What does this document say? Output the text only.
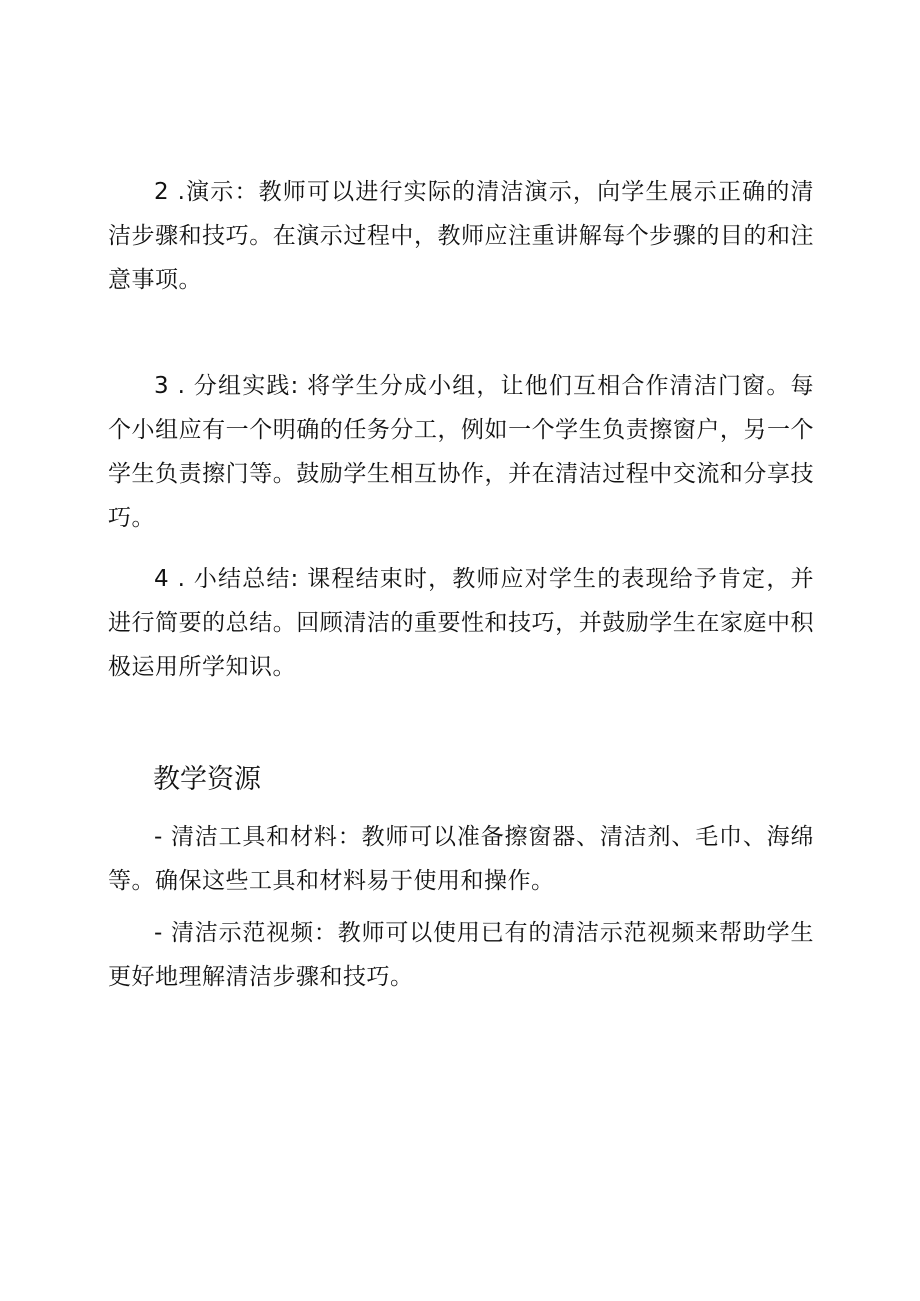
2 .演示：教师可以进行实际的清洁演示，向学生展示正确的清洁步骤和技巧。在演示过程中，教师应注重讲解每个步骤的目的和注意事项。

3 . 分组实践: 将学生分成小组，让他们互相合作清洁门窗。每个小组应有一个明确的任务分工，例如一个学生负责擦窗户，另一个学生负责擦门等。鼓励学生相互协作，并在清洁过程中交流和分享技巧。

4 . 小结总结: 课程结束时，教师应对学生的表现给予肯定，并进行简要的总结。回顾清洁的重要性和技巧，并鼓励学生在家庭中积极运用所学知识。

教学资源

- 清洁工具和材料：教师可以准备擦窗器、清洁剂、毛巾、海绵等。确保这些工具和材料易于使用和操作。

- 清洁示范视频：教师可以使用已有的清洁示范视频来帮助学生更好地理解清洁步骤和技巧。
